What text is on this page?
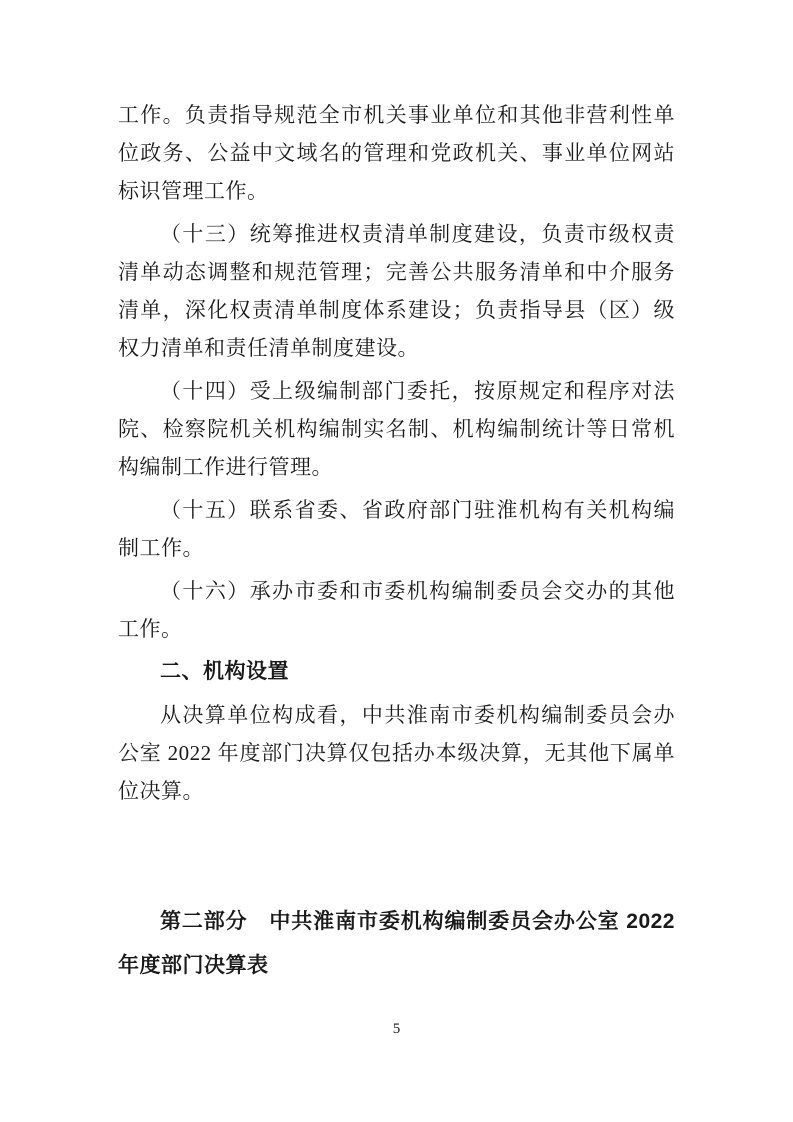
工作。负责指导规范全市机关事业单位和其他非营利性单位政务、公益中文域名的管理和党政机关、事业单位网站标识管理工作。

（十三）统筹推进权责清单制度建设，负责市级权责清单动态调整和规范管理；完善公共服务清单和中介服务清单，深化权责清单制度体系建设；负责指导县（区）级权力清单和责任清单制度建设。

（十四）受上级编制部门委托，按原规定和程序对法院、检察院机关机构编制实名制、机构编制统计等日常机构编制工作进行管理。

（十五）联系省委、省政府部门驻淮机构有关机构编制工作。

（十六）承办市委和市委机构编制委员会交办的其他工作。

二、机构设置

从决算单位构成看，中共淮南市委机构编制委员会办公室 2022 年度部门决算仅包括办本级决算，无其他下属单位决算。

第二部分　中共淮南市委机构编制委员会办公室 2022 年度部门决算表
5
